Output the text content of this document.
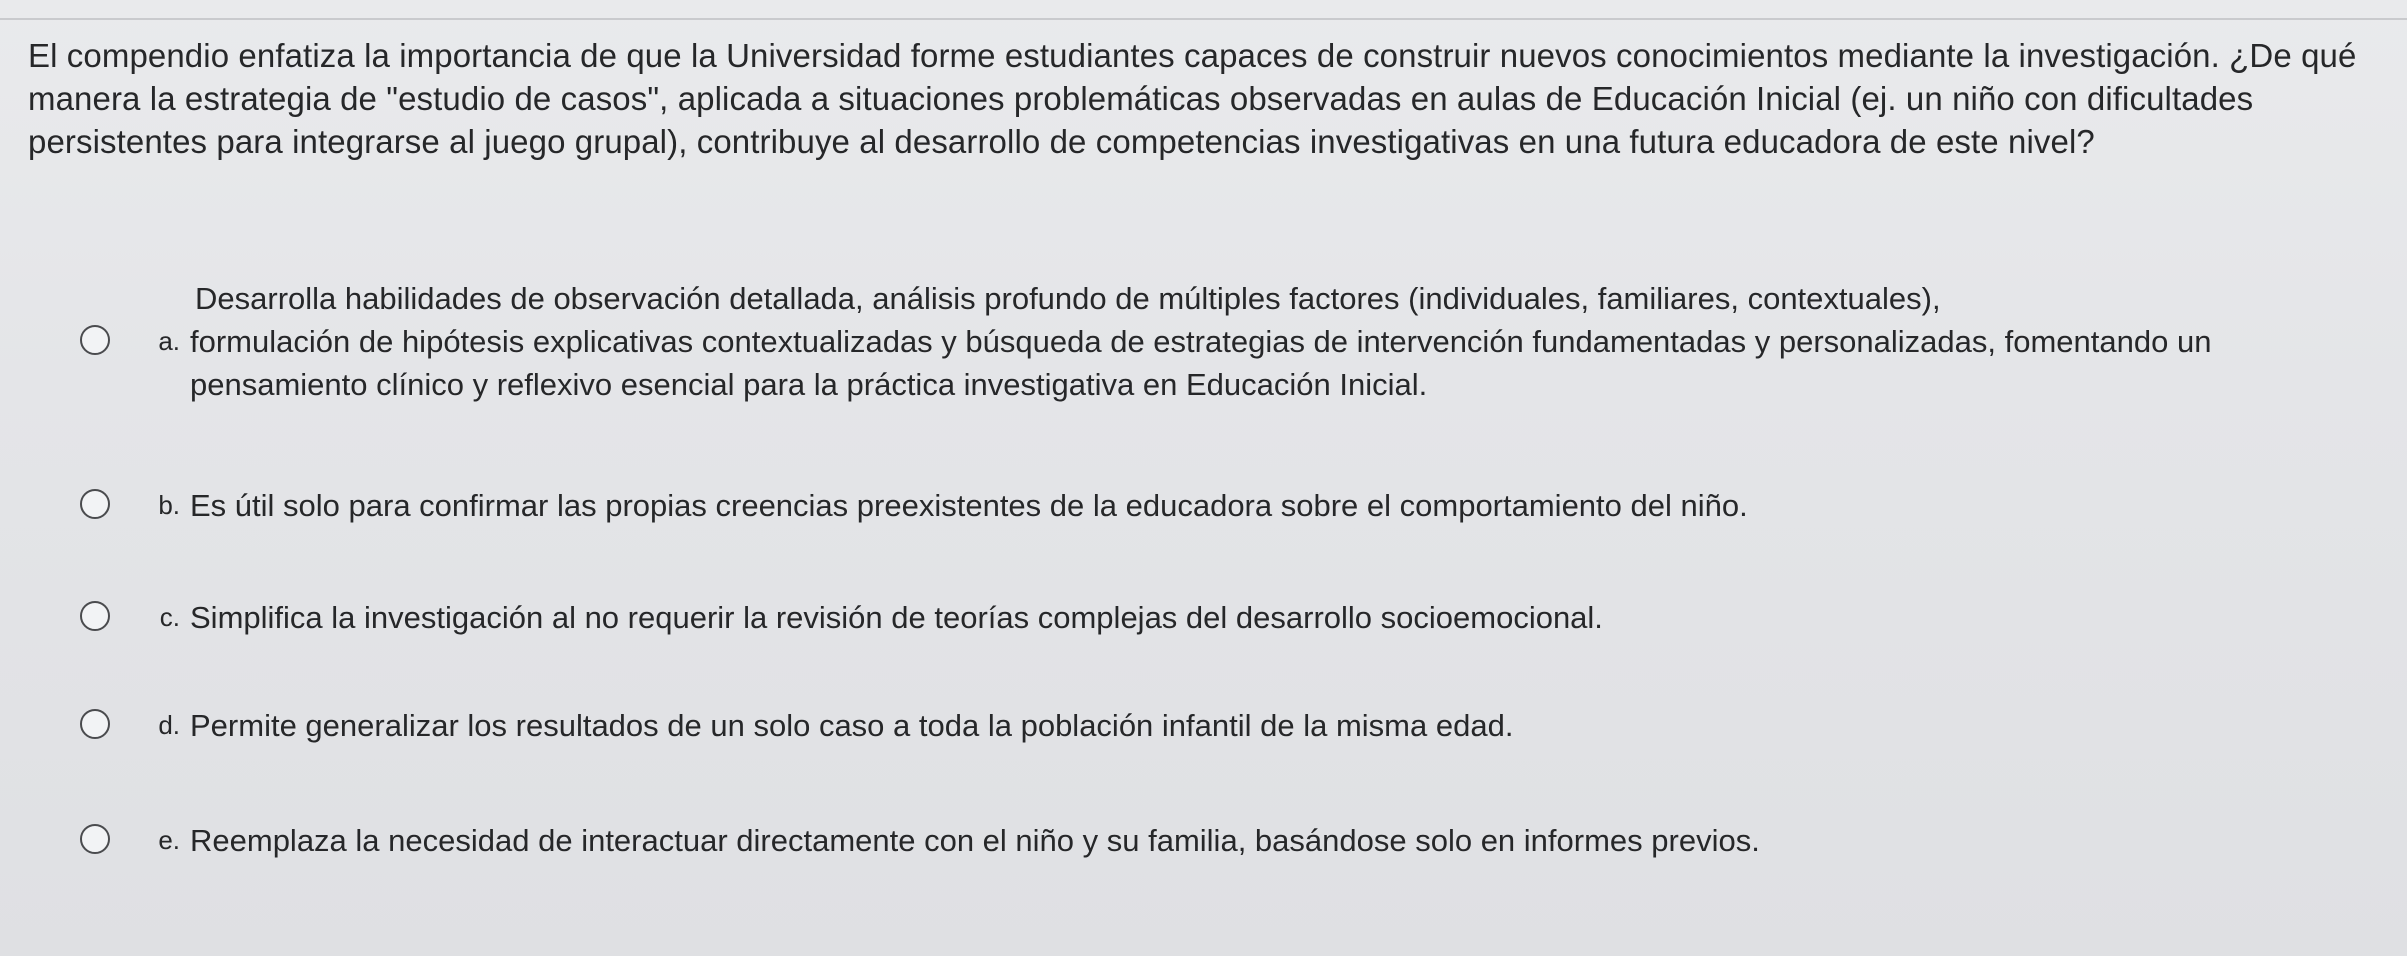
El compendio enfatiza la importancia de que la Universidad forme estudiantes capaces de construir nuevos conocimientos mediante la investigación. ¿De qué manera la estrategia de "estudio de casos", aplicada a situaciones problemáticas observadas en aulas de Educación Inicial (ej. un niño con dificultades persistentes para integrarse al juego grupal), contribuye al desarrollo de competencias investigativas en una futura educadora de este nivel?
a.
Desarrolla habilidades de observación detallada, análisis profundo de múltiples factores (individuales, familiares, contextuales),
formulación de hipótesis explicativas contextualizadas y búsqueda de estrategias de intervención fundamentadas y personalizadas, fomentando un pensamiento clínico y reflexivo esencial para la práctica investigativa en Educación Inicial.
b. Es útil solo para confirmar las propias creencias preexistentes de la educadora sobre el comportamiento del niño.
c. Simplifica la investigación al no requerir la revisión de teorías complejas del desarrollo socioemocional.
d. Permite generalizar los resultados de un solo caso a toda la población infantil de la misma edad.
e. Reemplaza la necesidad de interactuar directamente con el niño y su familia, basándose solo en informes previos.
